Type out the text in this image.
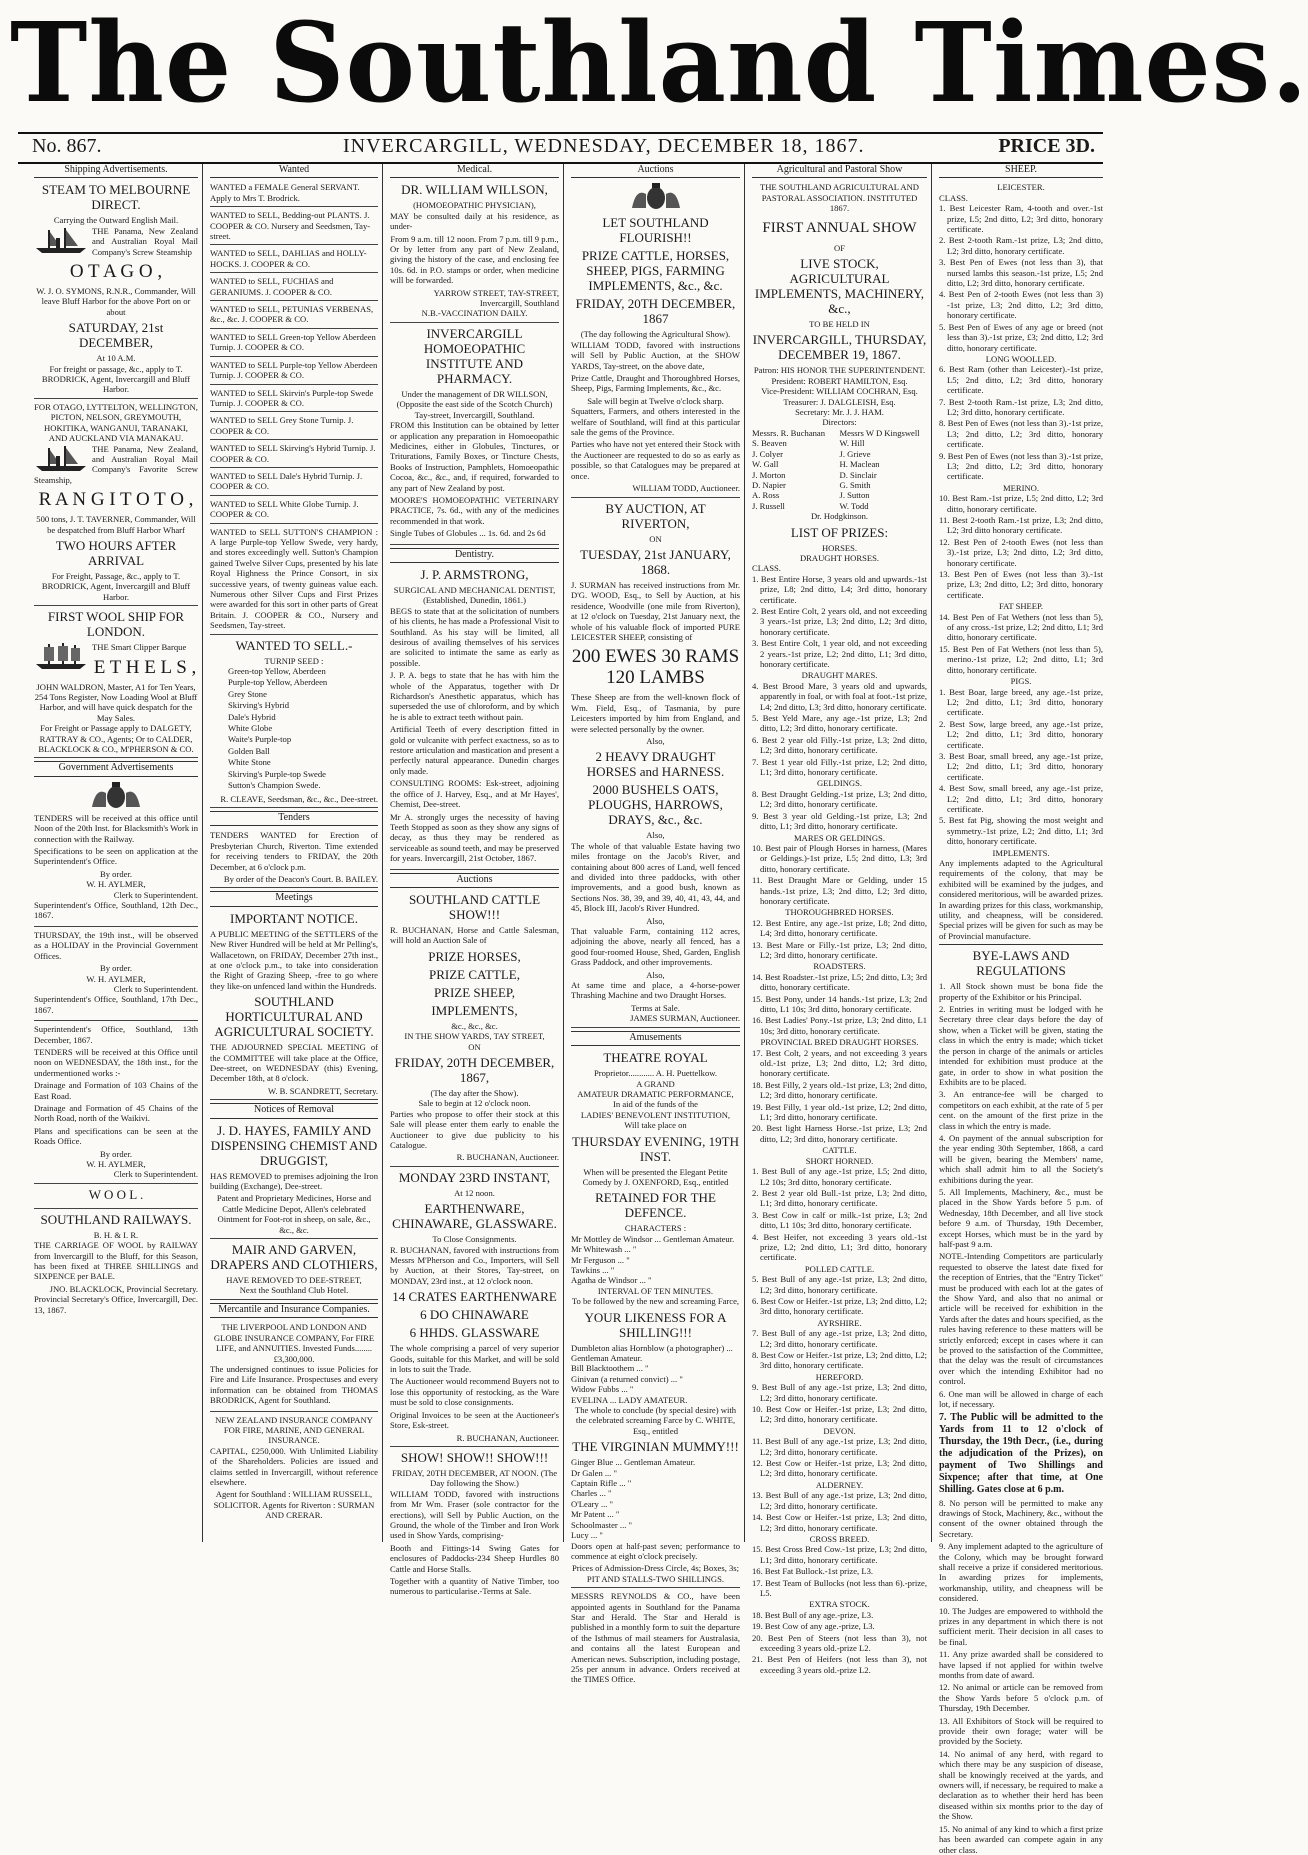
The Southland Times.
No. 867.	INVERCARGILL, WEDNESDAY, DECEMBER 18, 1867.	PRICE 3D.
Shipping Advertisements.
STEAM TO MELBOURNE DIRECT.
Carrying the Outward English Mail.
THE Panama, New Zealand and Australian Royal Mail Company's Screw Steamship
O T A G O ,
W. J. O. SYMONS, R.N.R., Commander, Will leave Bluff Harbor for the above Port on or about
SATURDAY, 21st DECEMBER,
At 10 A.M.
For freight or passage, &c., apply to T. BRODRICK, Agent, Invercargill and Bluff Harbor.
FOR OTAGO, LYTTELTON, WELLINGTON, PICTON, NELSON, GREYMOUTH, HOKITIKA, WANGANUI, TARANAKI, AND AUCKLAND VIA MANAKAU.
THE Panama, New Zealand, and Australian Royal Mail Company's Favorite Screw Steamship,
R A N G I T O T O ,
500 tons, J. T. TAVERNER, Commander, Will be despatched from Bluff Harbor Wharf
TWO HOURS AFTER ARRIVAL
For Freight, Passage, &c., apply to T. BRODRICK, Agent, Invercargill and Bluff Harbor.
FIRST WOOL SHIP FOR LONDON.
THE Smart Clipper Barque
E T H E L S ,
JOHN WALDRON, Master, A1 for Ten Years, 254 Tons Register, Now Loading Wool at Bluff Harbor, and will have quick despatch for the May Sales.
For Freight or Passage apply to DALGETY, RATTRAY & CO., Agents; Or to CALDER, BLACKLOCK & CO., M'PHERSON & CO.
Government Advertisements
TENDERS will be received at this office until Noon of the 20th Inst. for Blacksmith's Work in connection with the Railway.
Specifications to be seen on application at the Superintendent's Office.
By order.
W. H. AYLMER,
Clerk to Superintendent.
Superintendent's Office, Southland, 12th Dec., 1867.
THURSDAY, the 19th inst., will be observed as a HOLIDAY in the Provincial Government Offices.
By order.
W. H. AYLMER,
Clerk to Superintendent.
Superintendent's Office, Southland, 17th Dec., 1867.
Superintendent's Office, Southland, 13th December, 1867.
TENDERS will be received at this Office until noon on WEDNESDAY, the 18th inst., for the undermentioned works :-
Drainage and Formation of 103 Chains of the East Road.
Drainage and Formation of 45 Chains of the North Road, north of the Waikivi.
Plans and specifications can be seen at the Roads Office.
By order.
W. H. AYLMER,
Clerk to Superintendent.
W O O L .
SOUTHLAND RAILWAYS.
B. H. & I. R.
THE CARRIAGE OF WOOL by RAILWAY from Invercargill to the Bluff, for this Season, has been fixed at THREE SHILLINGS and SIXPENCE per BALE.
JNO. BLACKLOCK, Provincial Secretary.
Provincial Secretary's Office, Invercargill, Dec. 13, 1867.
Wanted
WANTED a FEMALE General SERVANT. Apply to Mrs T. Brodrick.
WANTED to SELL, Bedding-out PLANTS. J. COOPER & CO. Nursery and Seedsmen, Tay-street.
WANTED to SELL, DAHLIAS and HOLLY-HOCKS. J. COOPER & CO.
WANTED to SELL, FUCHIAS and GERANIUMS. J. COOPER & CO.
WANTED to SELL, PETUNIAS VERBENAS, &c., &c. J. COOPER & CO.
WANTED to SELL Green-top Yellow Aberdeen Turnip. J. COOPER & CO.
WANTED to SELL Purple-top Yellow Aberdeen Turnip. J. COOPER & CO.
WANTED to SELL Skirvin's Purple-top Swede Turnip. J. COOPER & CO.
WANTED to SELL Grey Stone Turnip. J. COOPER & CO.
WANTED to SELL Skirving's Hybrid Turnip. J. COOPER & CO.
WANTED to SELL Dale's Hybrid Turnip. J. COOPER & CO.
WANTED to SELL White Globe Turnip. J. COOPER & CO.
WANTED to SELL SUTTON'S CHAMPION : A large Purple-top Yellow Swede, very hardy, and stores exceedingly well. Sutton's Champion gained Twelve Silver Cups, presented by his late Royal Highness the Prince Consort, in six successive years, of twenty guineas value each. Numerous other Silver Cups and First Prizes were awarded for this sort in other parts of Great Britain. J. COOPER & CO., Nursery and Seedsmen, Tay-street.
WANTED TO SELL.-
TURNIP SEED :
Green-top Yellow, Aberdeen
Purple-top Yellow, Aberdeen
Grey Stone
Skirving's Hybrid
Dale's Hybrid
White Globe
Waite's Purple-top
Golden Ball
White Stone
Skirving's Purple-top Swede
Sutton's Champion Swede.
R. CLEAVE, Seedsman, &c., &c., Dee-street.
Tenders
TENDERS WANTED for Erection of Presbyterian Church, Riverton. Time extended for receiving tenders to FRIDAY, the 20th December, at 6 o'clock p.m.
By order of the Deacon's Court. B. BAILEY.
Meetings
IMPORTANT NOTICE.
A PUBLIC MEETING of the SETTLERS of the New River Hundred will be held at Mr Pelling's, Wallacetown, on FRIDAY, December 27th inst., at one o'clock p.m., to take into consideration the Right of Grazing Sheep, -free to go where they like-on unfenced land within the Hundreds.
SOUTHLAND HORTICULTURAL AND AGRICULTURAL SOCIETY.
THE ADJOURNED SPECIAL MEETING of the COMMITTEE will take place at the Office, Dee-street, on WEDNESDAY (this) Evening, December 18th, at 8 o'clock.
W. B. SCANDRETT, Secretary.
Notices of Removal
J. D. HAYES, FAMILY AND DISPENSING CHEMIST AND DRUGGIST,
HAS REMOVED to premises adjoining the Iron building (Exchange), Dee-street.
Patent and Proprietary Medicines, Horse and Cattle Medicine Depot, Allen's celebrated Ointment for Foot-rot in sheep, on sale, &c., &c., &c.
MAIR AND GARVEN, DRAPERS AND CLOTHIERS,
HAVE REMOVED TO DEE-STREET,
Next the Southland Club Hotel.
Mercantile and Insurance Companies.
THE LIVERPOOL AND LONDON AND GLOBE INSURANCE COMPANY, For FIRE LIFE, and ANNUITIES. Invested Funds........£3,300,000.
The undersigned continues to issue Policies for Fire and Life Insurance. Prospectuses and every information can be obtained from THOMAS BRODRICK, Agent for Southland.
NEW ZEALAND INSURANCE COMPANY FOR FIRE, MARINE, AND GENERAL INSURANCE.
CAPITAL, £250,000. With Unlimited Liability of the Shareholders. Policies are issued and claims settled in Invercargill, without reference elsewhere.
Agent for Southland : WILLIAM RUSSELL, SOLICITOR. Agents for Riverton : SURMAN AND CRERAR.
Medical.
DR. WILLIAM WILLSON,
(HOMOEOPATHIC PHYSICIAN),
MAY be consulted daily at his residence, as under-
From 9 a.m. till 12 noon. From 7 p.m. till 9 p.m.,
Or by letter from any part of New Zealand, giving the history of the case, and enclosing fee 10s. 6d. in P.O. stamps or order, when medicine will be forwarded.
YARROW STREET, TAY-STREET, Invercargill, Southland
N.B.-VACCINATION DAILY.
INVERCARGILL HOMOEOPATHIC INSTITUTE AND PHARMACY.
Under the management of DR WILLSON,
(Opposite the east side of the Scotch Church) Tay-street, Invercargill, Southland.
FROM this Institution can be obtained by letter or application any preparation in Homoeopathic Medicines, either in Globules, Tinctures, or Triturations, Family Boxes, or Tincture Chests, Books of Instruction, Pamphlets, Homoeopathic Cocoa, &c., &c., and, if required, forwarded to any part of New Zealand by post.
MOORE'S HOMOEOPATHIC VETERINARY PRACTICE, 7s. 6d., with any of the medicines recommended in that work.
Single Tubes of Globules ... 1s. 6d. and 2s 6d
Dentistry.
J. P. ARMSTRONG,
SURGICAL AND MECHANICAL DENTIST, (Established, Dunedin, 1861.)
BEGS to state that at the solicitation of numbers of his clients, he has made a Professional Visit to Southland. As his stay will be limited, all desirous of availing themselves of his services are solicited to intimate the same as early as possible.
J. P. A. begs to state that he has with him the whole of the Apparatus, together with Dr Richardson's Anesthetic apparatus, which has superseded the use of chloroform, and by which he is able to extract teeth without pain.
Artificial Teeth of every description fitted in gold or vulcanite with perfect exactness, so as to restore articulation and mastication and present a perfectly natural appearance. Dunedin charges only made.
CONSULTING ROOMS: Esk-street, adjoining the office of J. Harvey, Esq., and at Mr Hayes', Chemist, Dee-street.
Mr A. strongly urges the necessity of having Teeth Stopped as soon as they show any signs of decay, as thus they may be rendered as serviceable as sound teeth, and may be preserved for years. Invercargill, 21st October, 1867.
Auctions
SOUTHLAND CATTLE SHOW!!!
R. BUCHANAN, Horse and Cattle Salesman, will hold an Auction Sale of
PRIZE HORSES,
PRIZE CATTLE,
PRIZE SHEEP,
IMPLEMENTS,
&c., &c., &c.
IN THE SHOW YARDS, TAY STREET,
ON
FRIDAY, 20TH DECEMBER, 1867,
(The day after the Show).
Sale to begin at 12 o'clock noon.
Parties who propose to offer their stock at this Sale will please enter them early to enable the Auctioneer to give due publicity to his Catalogue.
R. BUCHANAN, Auctioneer.
MONDAY 23RD INSTANT,
At 12 noon.
EARTHENWARE, CHINAWARE, GLASSWARE.
To Close Consignments.
R. BUCHANAN, favored with instructions from Messrs M'Pherson and Co., Importers, will Sell by Auction, at their Stores, Tay-street, on MONDAY, 23rd inst., at 12 o'clock noon.
14 CRATES EARTHENWARE
6 DO CHINAWARE
6 HHDS. GLASSWARE
The whole comprising a parcel of very superior Goods, suitable for this Market, and will be sold in lots to suit the Trade.
The Auctioneer would recommend Buyers not to lose this opportunity of restocking, as the Ware must be sold to close consignments.
Original Invoices to be seen at the Auctioneer's Store, Esk-street.
R. BUCHANAN, Auctioneer.
SHOW! SHOW!! SHOW!!!
FRIDAY, 20TH DECEMBER, AT NOON. (The Day following the Show.)
WILLIAM TODD, favored with instructions from Mr Wm. Fraser (sole contractor for the erections), will Sell by Public Auction, on the Ground, the whole of the Timber and Iron Work used in Show Yards, comprising-
Booth and Fittings-14 Swing Gates for enclosures of Paddocks-234 Sheep Hurdles 80 Cattle and Horse Stalls.
Together with a quantity of Native Timber, too numerous to particularise.-Terms at Sale.
Auctions
LET SOUTHLAND FLOURISH!!
PRIZE CATTLE, HORSES, SHEEP, PIGS, FARMING IMPLEMENTS, &c., &c.
FRIDAY, 20TH DECEMBER, 1867
(The day following the Agricultural Show).
WILLIAM TODD, favored with instructions will Sell by Public Auction, at the SHOW YARDS, Tay-street, on the above date,
Prize Cattle, Draught and Thoroughbred Horses, Sheep, Pigs, Farming Implements, &c., &c.
Sale will begin at Twelve o'clock sharp.
Squatters, Farmers, and others interested in the welfare of Southland, will find at this particular sale the gems of the Province.
Parties who have not yet entered their Stock with the Auctioneer are requested to do so as early as possible, so that Catalogues may be prepared at once.
WILLIAM TODD, Auctioneer.
BY AUCTION, AT RIVERTON,
ON
TUESDAY, 21st JANUARY, 1868.
J. SURMAN has received instructions from Mr. D'G. WOOD, Esq., to Sell by Auction, at his residence, Woodville (one mile from Riverton), at 12 o'clock on Tuesday, 21st January next, the whole of his valuable flock of imported PURE LEICESTER SHEEP, consisting of
200 EWES 30 RAMS 120 LAMBS
These Sheep are from the well-known flock of Wm. Field, Esq., of Tasmania, by pure Leicesters imported by him from England, and were selected personally by the owner.
Also,
2 HEAVY DRAUGHT HORSES and HARNESS.
2000 BUSHELS OATS, PLOUGHS, HARROWS, DRAYS, &c., &c.
Also,
The whole of that valuable Estate having two miles frontage on the Jacob's River, and containing about 800 acres of Land, well fenced and divided into three paddocks, with other improvements, and a good bush, known as Sections Nos. 38, 39, and 39, 40, 41, 43, 44, and 45, Block III, Jacob's River Hundred.
Also,
That valuable Farm, containing 112 acres, adjoining the above, nearly all fenced, has a good four-roomed House, Shed, Garden, English Grass Paddock, and other improvements.
Also,
At same time and place, a 4-horse-power Thrashing Machine and two Draught Horses.
Terms at Sale.
JAMES SURMAN, Auctioneer.
Amusements
THEATRE ROYAL
Proprietor............ A. H. Puettelkow.
A GRAND
AMATEUR DRAMATIC PERFORMANCE,
In aid of the funds of the
LADIES' BENEVOLENT INSTITUTION,
Will take place on
THURSDAY EVENING, 19TH INST.
When will be presented the Elegant Petite Comedy by J. OXENFORD, Esq., entitled
RETAINED FOR THE DEFENCE.
CHARACTERS :
Mr Mottley de Windsor ... Gentleman Amateur.
Mr Whitewash ... "
Mr Ferguson ... "
Tawkins ... "
Agatha de Windsor ... "
INTERVAL OF TEN MINUTES.
To be followed by the new and screaming Farce,
YOUR LIKENESS FOR A SHILLING!!!
Dumbleton alias Hornblow (a photographer) ... Gentleman Amateur.
Bill Blacktoothem ... "
Ginivan (a returned convict) ... "
Widow Fubbs ... "
EVELINA ... LADY AMATEUR.
The whole to conclude (by special desire) with the celebrated screaming Farce by C. WHITE, Esq., entitled
THE VIRGINIAN MUMMY!!!
Ginger Blue ... Gentleman Amateur.
Dr Galen ... "
Captain Rifle ... "
Charles ... "
O'Leary ... "
Mr Patent ... "
Schoolmaster ... "
Lucy ... "
Doors open at half-past seven; performance to commence at eight o'clock precisely.
Prices of Admission-Dress Circle, 4s; Boxes, 3s; PIT AND STALLS-TWO SHILLINGS.
MESSRS REYNOLDS & CO., have been appointed agents in Southland for the Panama Star and Herald. The Star and Herald is published in a monthly form to suit the departure of the Isthmus of mail steamers for Australasia, and contains all the latest European and American news. Subscription, including postage, 25s per annum in advance. Orders received at the TIMES Office.
Agricultural and Pastoral Show
THE SOUTHLAND AGRICULTURAL AND PASTORAL ASSOCIATION. INSTITUTED 1867.
FIRST ANNUAL SHOW
OF
LIVE STOCK, AGRICULTURAL IMPLEMENTS, MACHINERY, &c.,
TO BE HELD IN
INVERCARGILL, THURSDAY, DECEMBER 19, 1867.
Patron: HIS HONOR THE SUPERINTENDENT.
President: ROBERT HAMILTON, Esq.
Vice-President: WILLIAM COCHRAN, Esq.
Treasurer: J. DALGLEISH, Esq.
Secretary: Mr. J. J. HAM.
Directors:
Messrs. R. Buchanan
S. Beaven
J. Colyer
W. Gall
J. Morton
D. Napier
A. Ross
J. Russell
Messrs W D Kingswell
W. Hill
J. Grieve
H. Maclean
D. Sinclair
G. Smith
J. Sutton
W. Todd
Dr. Hodgkinson.
LIST OF PRIZES:
HORSES.
DRAUGHT HORSES.
CLASS.
1. Best Entire Horse, 3 years old and upwards.-1st prize, L8; 2nd ditto, L4; 3rd ditto, honorary certificate.
2. Best Entire Colt, 2 years old, and not exceeding 3 years.-1st prize, L3; 2nd ditto, L2; 3rd ditto, honorary certificate.
3. Best Entire Colt, 1 year old, and not exceeding 2 years.-1st prize, L2; 2nd ditto, L1; 3rd ditto, honorary certificate.
DRAUGHT MARES.
4. Best Brood Mare, 3 years old and upwards, apparently in foal, or with foal at foot.-1st prize, L4; 2nd ditto, L3; 3rd ditto, honorary certificate.
5. Best Yeld Mare, any age.-1st prize, L3; 2nd ditto, L2; 3rd ditto, honorary certificate.
6. Best 2 year old Filly.-1st prize, L3; 2nd ditto, L2; 3rd ditto, honorary certificate.
7. Best 1 year old Filly.-1st prize, L2; 2nd ditto, L1; 3rd ditto, honorary certificate.
GELDINGS.
8. Best Draught Gelding.-1st prize, L3; 2nd ditto, L2; 3rd ditto, honorary certificate.
9. Best 3 year old Gelding.-1st prize, L3; 2nd ditto, L1; 3rd ditto, honorary certificate.
MARES OR GELDINGS.
10. Best pair of Plough Horses in harness, (Mares or Geldings.)-1st prize, L5; 2nd ditto, L3; 3rd ditto, honorary certificate.
11. Best Draught Mare or Gelding, under 15 hands.-1st prize, L3; 2nd ditto, L2; 3rd ditto, honorary certificate.
THOROUGHBRED HORSES.
12. Best Entire, any age.-1st prize, L8; 2nd ditto, L4; 3rd ditto, honorary certificate.
13. Best Mare or Filly.-1st prize, L3; 2nd ditto, L2; 3rd ditto, honorary certificate.
ROADSTERS.
14. Best Roadster.-1st prize, L5; 2nd ditto, L3; 3rd ditto, honorary certificate.
15. Best Pony, under 14 hands.-1st prize, L3; 2nd ditto, L1 10s; 3rd ditto, honorary certificate.
16. Best Ladies' Pony.-1st prize, L3; 2nd ditto, L1 10s; 3rd ditto, honorary certificate.
PROVINCIAL BRED DRAUGHT HORSES.
17. Best Colt, 2 years, and not exceeding 3 years old.-1st prize, L3; 2nd ditto, L2; 3rd ditto, honorary certificate.
18. Best Filly, 2 years old.-1st prize, L3; 2nd ditto, L2; 3rd ditto, honorary certificate.
19. Best Filly, 1 year old.-1st prize, L2; 2nd ditto, L1; 3rd ditto, honorary certificate.
20. Best light Harness Horse.-1st prize, L3; 2nd ditto, L2; 3rd ditto, honorary certificate.
CATTLE.
SHORT HORNED.
1. Best Bull of any age.-1st prize, L5; 2nd ditto, L2 10s; 3rd ditto, honorary certificate.
2. Best 2 year old Bull.-1st prize, L3; 2nd ditto, L1; 3rd ditto, honorary certificate.
3. Best Cow in calf or milk.-1st prize, L3; 2nd ditto, L1 10s; 3rd ditto, honorary certificate.
4. Best Heifer, not exceeding 3 years old.-1st prize, L2; 2nd ditto, L1; 3rd ditto, honorary certificate.
POLLED CATTLE.
5. Best Bull of any age.-1st prize, L3; 2nd ditto, L2; 3rd ditto, honorary certificate.
6. Best Cow or Heifer.-1st prize, L3; 2nd ditto, L2; 3rd ditto, honorary certificate.
AYRSHIRE.
7. Best Bull of any age.-1st prize, L3; 2nd ditto, L2; 3rd ditto, honorary certificate.
8. Best Cow or Heifer.-1st prize, L3; 2nd ditto, L2; 3rd ditto, honorary certificate.
HEREFORD.
9. Best Bull of any age.-1st prize, L3; 2nd ditto, L2; 3rd ditto, honorary certificate.
10. Best Cow or Heifer.-1st prize, L3; 2nd ditto, L2; 3rd ditto, honorary certificate.
DEVON.
11. Best Bull of any age.-1st prize, L3; 2nd ditto, L2; 3rd ditto, honorary certificate.
12. Best Cow or Heifer.-1st prize, L3; 2nd ditto, L2; 3rd ditto, honorary certificate.
ALDERNEY.
13. Best Bull of any age.-1st prize, L3; 2nd ditto, L2; 3rd ditto, honorary certificate.
14. Best Cow or Heifer.-1st prize, L3; 2nd ditto, L2; 3rd ditto, honorary certificate.
CROSS BREED.
15. Best Cross Bred Cow.-1st prize, L3; 2nd ditto, L1; 3rd ditto, honorary certificate.
16. Best Fat Bullock.-1st prize, L3.
17. Best Team of Bullocks (not less than 6).-prize, L5.
EXTRA STOCK.
18. Best Bull of any age.-prize, L3.
19. Best Cow of any age.-prize, L3.
20. Best Pen of Steers (not less than 3), not exceeding 3 years old.-prize L2.
21. Best Pen of Heifers (not less than 3), not exceeding 3 years old.-prize L2.
SHEEP.
LEICESTER.
CLASS.
1. Best Leicester Ram, 4-tooth and over.-1st prize, L5; 2nd ditto, L2; 3rd ditto, honorary certificate.
2. Best 2-tooth Ram.-1st prize, L3; 2nd ditto, L2; 3rd ditto, honorary certificate.
3. Best Pen of Ewes (not less than 3), that nursed lambs this season.-1st prize, L5; 2nd ditto, L2; 3rd ditto, honorary certificate.
4. Best Pen of 2-tooth Ewes (not less than 3) -1st prize, L3; 2nd ditto, L2; 3rd ditto, honorary certificate.
5. Best Pen of Ewes of any age or breed (not less than 3).-1st prize, £3; 2nd ditto, L2; 3rd ditto, honorary certificate.
LONG WOOLLED.
6. Best Ram (other than Leicester).-1st prize, L5; 2nd ditto, L2; 3rd ditto, honorary certificate.
7. Best 2-tooth Ram.-1st prize, L3; 2nd ditto, L2; 3rd ditto, honorary certificate.
8. Best Pen of Ewes (not less than 3).-1st prize, L3; 2nd ditto, L2; 3rd ditto, honorary certificate.
9. Best Pen of Ewes (not less than 3).-1st prize, L3; 2nd ditto, L2; 3rd ditto, honorary certificate.
MERINO.
10. Best Ram.-1st prize, L5; 2nd ditto, L2; 3rd ditto, honorary certificate.
11. Best 2-tooth Ram.-1st prize, L3; 2nd ditto, L2; 3rd ditto honorary certificate.
12. Best Pen of 2-tooth Ewes (not less than 3).-1st prize, L3; 2nd ditto, L2; 3rd ditto, honorary certificate.
13. Best Pen of Ewes (not less than 3).-1st prize, L3; 2nd ditto, L2; 3rd ditto, honorary certificate.
FAT SHEEP.
14. Best Pen of Fat Wethers (not less than 5), of any cross.-1st prize, L2; 2nd ditto, L1; 3rd ditto, honorary certificate.
15. Best Pen of Fat Wethers (not less than 5), merino.-1st prize, L2; 2nd ditto, L1; 3rd ditto, honorary certificate.
PIGS.
1. Best Boar, large breed, any age.-1st prize, L2; 2nd ditto, L1; 3rd ditto, honorary certificate.
2. Best Sow, large breed, any age.-1st prize, L2; 2nd ditto, L1; 3rd ditto, honorary certificate.
3. Best Boar, small breed, any age.-1st prize, L2; 2nd ditto, L1; 3rd ditto, honorary certificate.
4. Best Sow, small breed, any age.-1st prize, L2; 2nd ditto, L1; 3rd ditto, honorary certificate.
5. Best fat Pig, showing the most weight and symmetry.-1st prize, L2; 2nd ditto, L1; 3rd ditto, honorary certificate.
IMPLEMENTS.
Any implements adapted to the Agricultural requirements of the colony, that may be exhibited will be examined by the judges, and considered meritorious, will be awarded prizes. In awarding prizes for this class, workmanship, utility, and cheapness, will be considered. Special prizes will be given for such as may be of Provincial manufacture.
BYE-LAWS AND REGULATIONS
1. All Stock shown must be bona fide the property of the Exhibitor or his Principal.
2. Entries in writing must be lodged with he Secretary three clear days before the day of show, when a Ticket will be given, stating the class in which the entry is made; which ticket the person in charge of the animals or articles intended for exhibition must produce at the gate, in order to show in what position the Exhibits are to be placed.
3. An entrance-fee will be charged to competitors on each exhibit, at the rate of 5 per cent. on the amount of the first prize in the class in which the entry is made.
4. On payment of the annual subscription for the year ending 30th September, 1868, a card will be given, bearing the Members' name, which shall admit him to all the Society's exhibitions during the year.
5. All Implements, Machinery, &c., must be placed in the Show Yards before 5 p.m. of Wednesday, 18th December, and all live stock before 9 a.m. of Thursday, 19th December, except Horses, which must be in the yard by half-past 9 a.m.
NOTE.-Intending Competitors are particularly requested to observe the latest date fixed for the reception of Entries, that the "Entry Ticket" must be produced with each lot at the gates of the Show Yard, and also that no animal or article will be received for exhibition in the Yards after the dates and hours specified, as the rules having reference to these matters will be strictly enforced; except in cases where it can be proved to the satisfaction of the Committee, that the delay was the result of circumstances over which the intending Exhibitor had no control.
6. One man will be allowed in charge of each lot, if necessary.
7. The Public will be admitted to the Yards from 11 to 12 o'clock of Thursday, the 19th Decr., (i.e., during the adjudication of the Prizes), on payment of Two Shillings and Sixpence; after that time, at One Shilling. Gates close at 6 p.m.
8. No person will be permitted to make any drawings of Stock, Machinery, &c., without the consent of the owner obtained through the Secretary.
9. Any implement adapted to the agriculture of the Colony, which may be brought forward shall receive a prize if considered meritorious. In awarding prizes for implements, workmanship, utility, and cheapness will be considered.
10. The Judges are empowered to withhold the prizes in any department in which there is not sufficient merit. Their decision in all cases to be final.
11. Any prize awarded shall be considered to have lapsed if not applied for within twelve months from date of award.
12. No animal or article can be removed from the Show Yards before 5 o'clock p.m. of Thursday, 19th December.
13. All Exhibitors of Stock will be required to provide their own forage; water will be provided by the Society.
14. No animal of any herd, with regard to which there may be any suspicion of disease, shall be knowingly received at the yards, and owners will, if necessary, be required to make a declaration as to whether their herd has been diseased within six months prior to the day of the Show.
15. No animal of any kind to which a first prize has been awarded can compete again in any other class.
